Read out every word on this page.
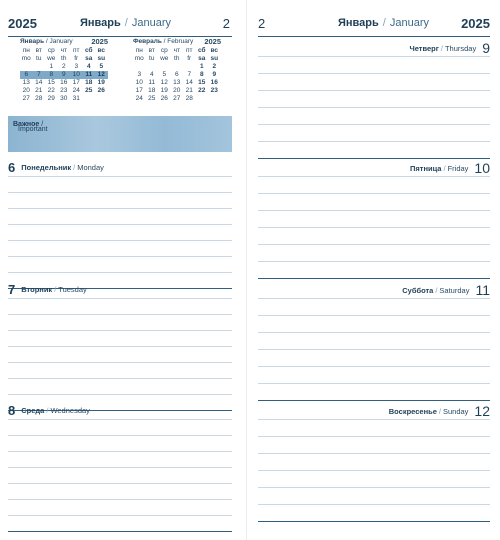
2025	Январь / January	2
Январь / January 2025
пн	вт	ср	чт	пт	сб	вс
mo	tu	we	th	fr	sa	su
		1	2	3	4	5
6	7	8	9	10	11	12
13	14	15	16	17	18	19
20	21	22	23	24	25	26
27	28	29	30	31		
Февраль / February 2025
пн	вт	ср	чт	пт	сб	вс
mo	tu	we	th	fr	sa	su
					1	2
3	4	5	6	7	8	9
10	11	12	13	14	15	16
17	18	19	20	21	22	23
24	25	26	27	28		
Важное /
Important
6 Понедельник / Monday
7 Вторник / Tuesday
8 Среда / Wednesday
2	Январь / January 2025
Четверг / Thursday 9
Пятница / Friday 10
Суббота / Saturday 11
Воскресенье / Sunday 12
